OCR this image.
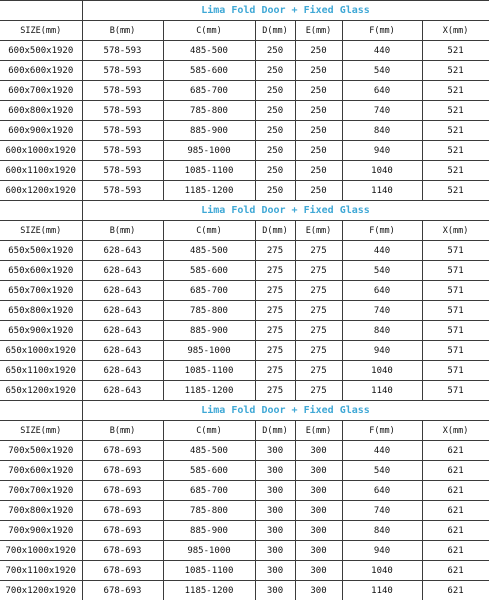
	Lima Fold Door + Fixed Glass					
SIZE(mm)	B(mm)	C(mm)	D(mm)	E(mm)	F(mm)	X(mm)
600x500x1920	578-593	485-500	250	250	440	521
600x600x1920	578-593	585-600	250	250	540	521
600x700x1920	578-593	685-700	250	250	640	521
600x800x1920	578-593	785-800	250	250	740	521
600x900x1920	578-593	885-900	250	250	840	521
600x1000x1920	578-593	985-1000	250	250	940	521
600x1100x1920	578-593	1085-1100	250	250	1040	521
600x1200x1920	578-593	1185-1200	250	250	1140	521
	Lima Fold Door + Fixed Glass					
SIZE(mm)	B(mm)	C(mm)	D(mm)	E(mm)	F(mm)	X(mm)
650x500x1920	628-643	485-500	275	275	440	571
650x600x1920	628-643	585-600	275	275	540	571
650x700x1920	628-643	685-700	275	275	640	571
650x800x1920	628-643	785-800	275	275	740	571
650x900x1920	628-643	885-900	275	275	840	571
650x1000x1920	628-643	985-1000	275	275	940	571
650x1100x1920	628-643	1085-1100	275	275	1040	571
650x1200x1920	628-643	1185-1200	275	275	1140	571
	Lima Fold Door + Fixed Glass					
SIZE(mm)	B(mm)	C(mm)	D(mm)	E(mm)	F(mm)	X(mm)
700x500x1920	678-693	485-500	300	300	440	621
700x600x1920	678-693	585-600	300	300	540	621
700x700x1920	678-693	685-700	300	300	640	621
700x800x1920	678-693	785-800	300	300	740	621
700x900x1920	678-693	885-900	300	300	840	621
700x1000x1920	678-693	985-1000	300	300	940	621
700x1100x1920	678-693	1085-1100	300	300	1040	621
700x1200x1920	678-693	1185-1200	300	300	1140	621
